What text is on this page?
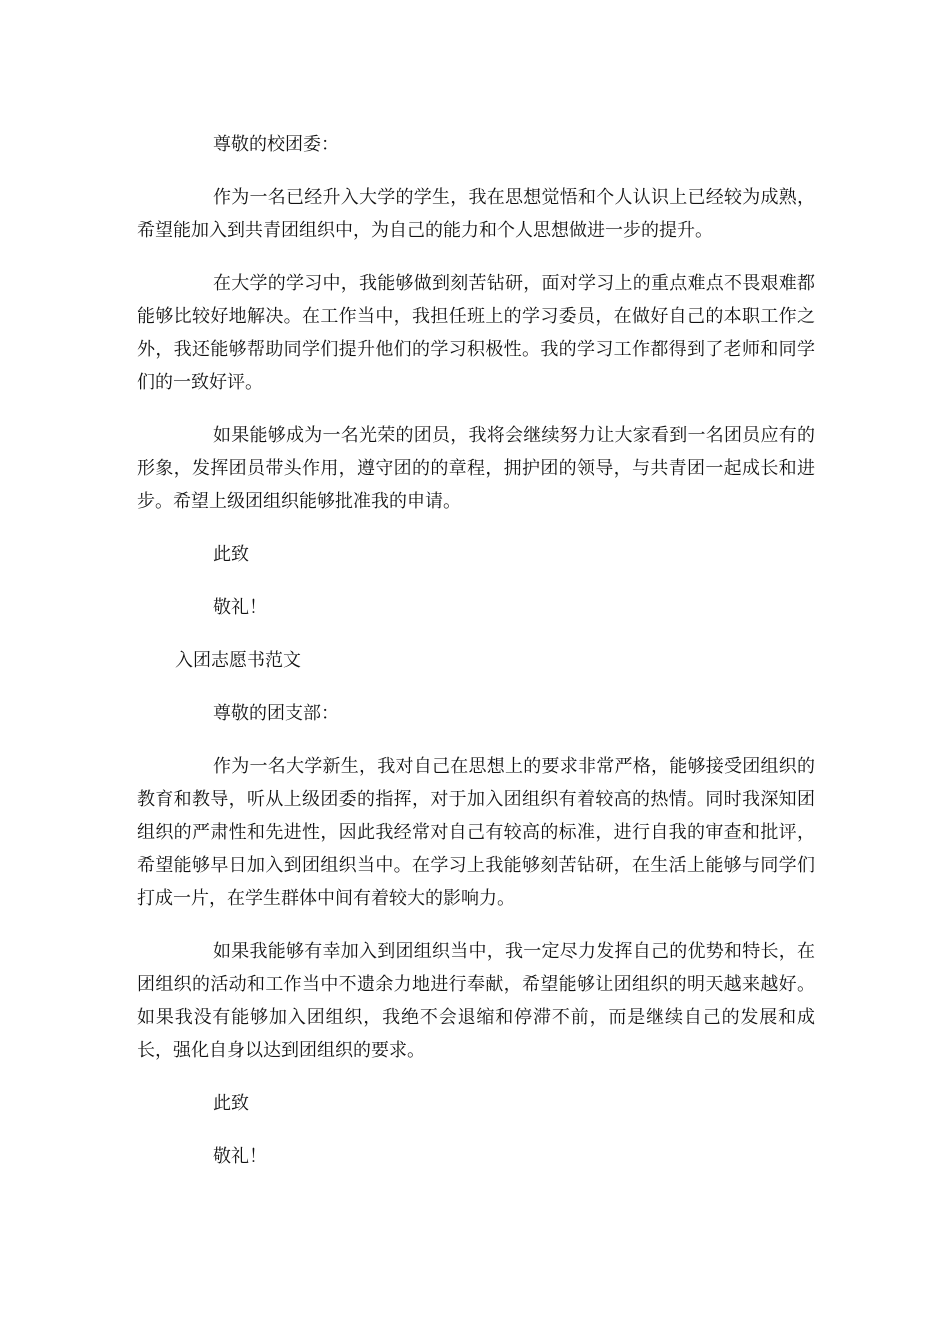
尊敬的校团委：

作为一名已经升入大学的学生，我在思想觉悟和个人认识上已经较为成熟，希望能加入到共青团组织中，为自己的能力和个人思想做进一步的提升。

在大学的学习中，我能够做到刻苦钻研，面对学习上的重点难点不畏艰难都能够比较好地解决。在工作当中，我担任班上的学习委员，在做好自己的本职工作之外，我还能够帮助同学们提升他们的学习积极性。我的学习工作都得到了老师和同学们的一致好评。

如果能够成为一名光荣的团员，我将会继续努力让大家看到一名团员应有的形象，发挥团员带头作用，遵守团的的章程，拥护团的领导，与共青团一起成长和进步。希望上级团组织能够批准我的申请。

此致

敬礼！

入团志愿书范文

尊敬的团支部：

作为一名大学新生，我对自己在思想上的要求非常严格，能够接受团组织的教育和教导，听从上级团委的指挥，对于加入团组织有着较高的热情。同时我深知团组织的严肃性和先进性，因此我经常对自己有较高的标准，进行自我的审查和批评，希望能够早日加入到团组织当中。在学习上我能够刻苦钻研，在生活上能够与同学们打成一片，在学生群体中间有着较大的影响力。

如果我能够有幸加入到团组织当中，我一定尽力发挥自己的优势和特长，在团组织的活动和工作当中不遗余力地进行奉献，希望能够让团组织的明天越来越好。如果我没有能够加入团组织，我绝不会退缩和停滞不前，而是继续自己的发展和成长，强化自身以达到团组织的要求。

此致

敬礼！
